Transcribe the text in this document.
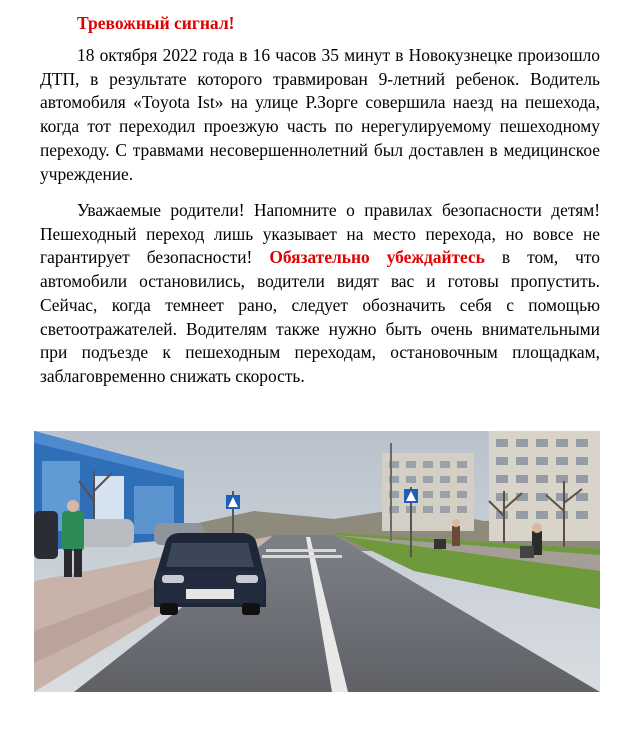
Тревожный сигнал!

18 октября 2022 года в 16 часов 35 минут в Новокузнецке произошло ДТП, в результате которого травмирован 9-летний ребенок. Водитель автомобиля «Toyota Ist» на улице Р.Зорге совершила наезд на пешехода, когда тот переходил проезжую часть по нерегулируемому пешеходному переходу. С травмами несовершеннолетний был доставлен в медицинское учреждение.

Уважаемые родители! Напомните о правилах безопасности детям! Пешеходный переход лишь указывает на место перехода, но вовсе не гарантирует безопасности! Обязательно убеждайтесь в том, что автомобили остановились, водители видят вас и готовы пропустить. Сейчас, когда темнеет рано, следует обозначить себя с помощью светоотражателей. Водителям также нужно быть очень внимательными при подъезде к пешеходным переходам, остановочным площадкам, заблаговременно снижать скорость.
